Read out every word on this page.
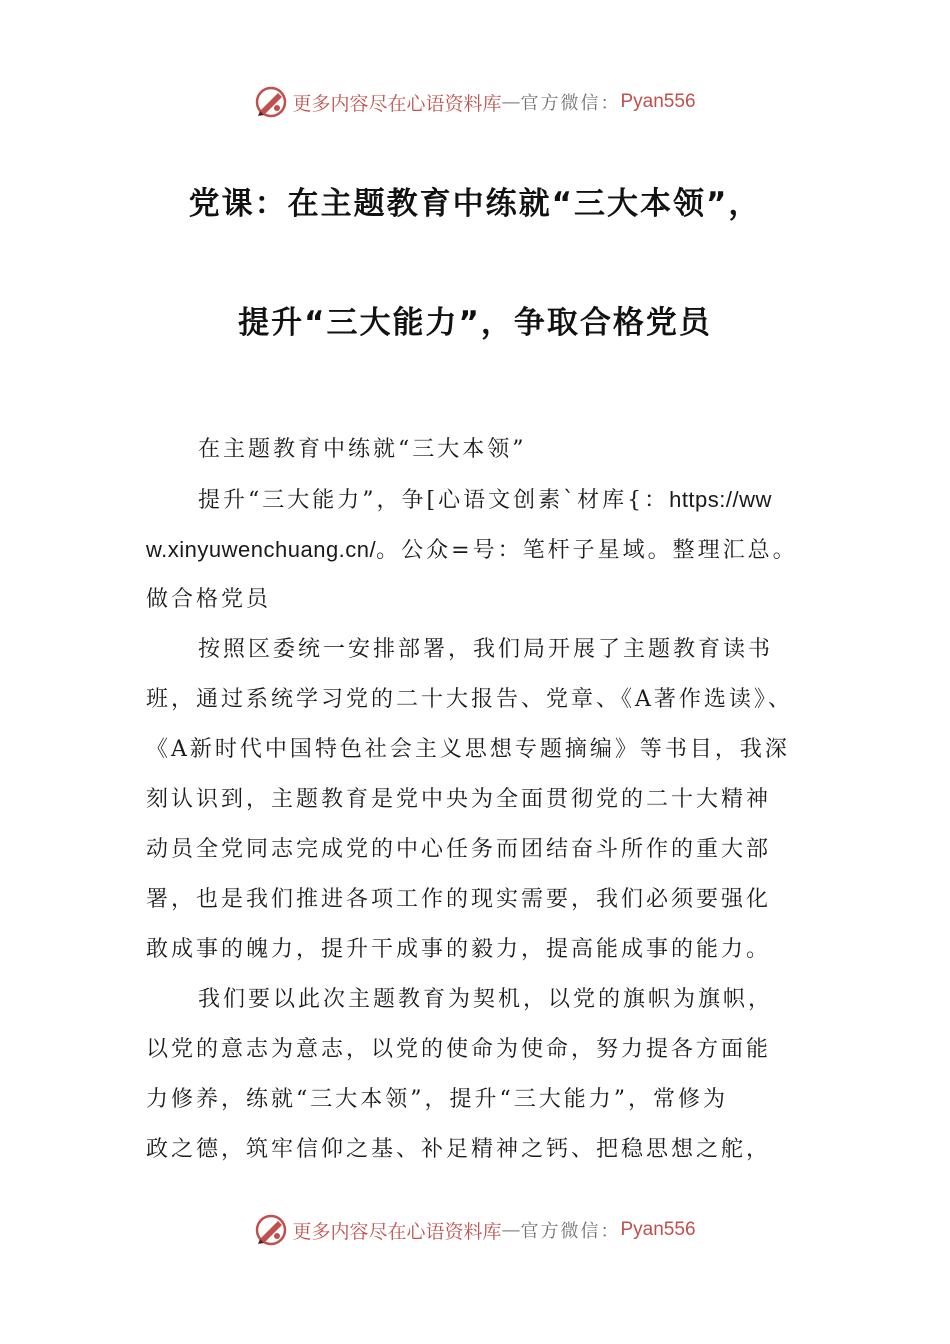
更多内容尽在心语资料库 — 官方微信： Pyan556
党课：在主题教育中练就“三大本领”，
提升“三大能力”，争取合格党员
在主题教育中练就“三大本领”
提升“三大能力”，争[心语文创素`材库{：https://ww
w.xinyuwenchuang.cn/。公众=号：笔杆子星域。整理汇总。
做合格党员
按照区委统一安排部署，我们局开展了主题教育读书
班，通过系统学习党的二十大报告、党章、《A著作选读》、
《A新时代中国特色社会主义思想专题摘编》等书目，我深
刻认识到，主题教育是党中央为全面贯彻党的二十大精神
动员全党同志完成党的中心任务而团结奋斗所作的重大部
署，也是我们推进各项工作的现实需要，我们必须要强化
敢成事的魄力，提升干成事的毅力，提高能成事的能力。
我们要以此次主题教育为契机，以党的旗帜为旗帜，
以党的意志为意志，以党的使命为使命，努力提各方面能
力修养，练就“三大本领”，提升“三大能力”，常修为
政之德，筑牢信仰之基、补足精神之钙、把稳思想之舵，
更多内容尽在心语资料库 — 官方微信： Pyan556
